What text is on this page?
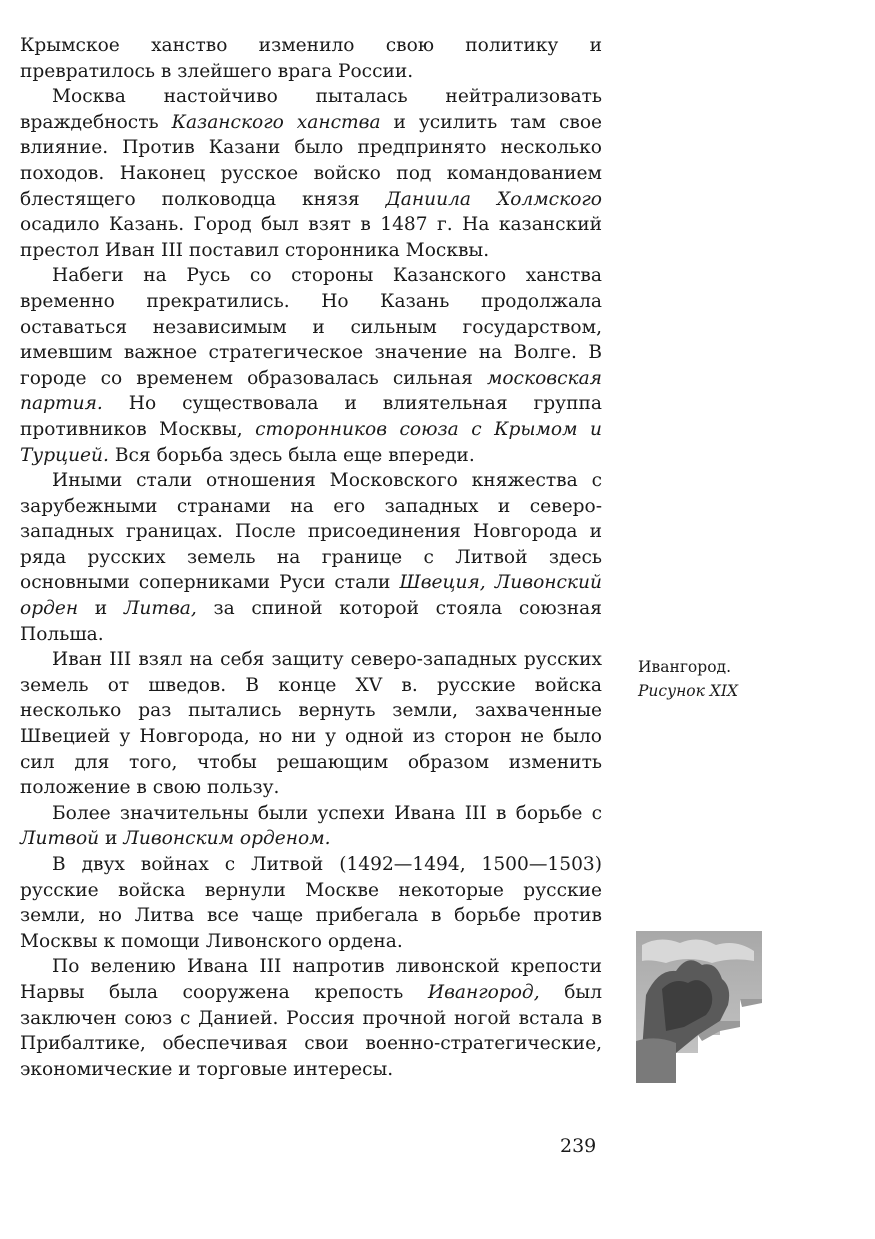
Крымское ханство изменило свою политику и превратилось в злейшего врага России.

Москва настойчиво пыталась нейтрализовать враждебность Казанского ханства и усилить там свое влияние. Против Казани было предпринято несколько походов. Наконец русское войско под командованием блестящего полководца князя Даниила Холмского осадило Казань. Город был взят в 1487 г. На казанский престол Иван III поставил сторонника Москвы.

Набеги на Русь со стороны Казанского ханства временно прекратились. Но Казань продолжала оставаться независимым и сильным государством, имевшим важное стратегическое значение на Волге. В городе со временем образовалась сильная московская партия. Но существовала и влиятельная группа противников Москвы, сторонников союза с Крымом и Турцией. Вся борьба здесь была еще впереди.

Иными стали отношения Московского княжества с зарубежными странами на его западных и северо-западных границах. После присоединения Новгорода и ряда русских земель на границе с Литвой здесь основными соперниками Руси стали Швеция, Ливонский орден и Литва, за спиной которой стояла союзная Польша.

Иван III взял на себя защиту северо-западных русских земель от шведов. В конце XV в. русские войска несколько раз пытались вернуть земли, захваченные Швецией у Новгорода, но ни у одной из сторон не было сил для того, чтобы решающим образом изменить положение в свою пользу.

Более значительны были успехи Ивана III в борьбе с Литвой и Ливонским орденом.

В двух войнах с Литвой (1492—1494, 1500—1503) русские войска вернули Москве некоторые русские земли, но Литва все чаще прибегала в борьбе против Москвы к помощи Ливонского ордена.

По велению Ивана III напротив ливонской крепости Нарвы была сооружена крепость Ивангород, был заключен союз с Данией. Россия прочной ногой встала в Прибалтике, обеспечивая свои военно-стратегические, экономические и торговые интересы.

Ивангород.
Рисунок XIX
239
